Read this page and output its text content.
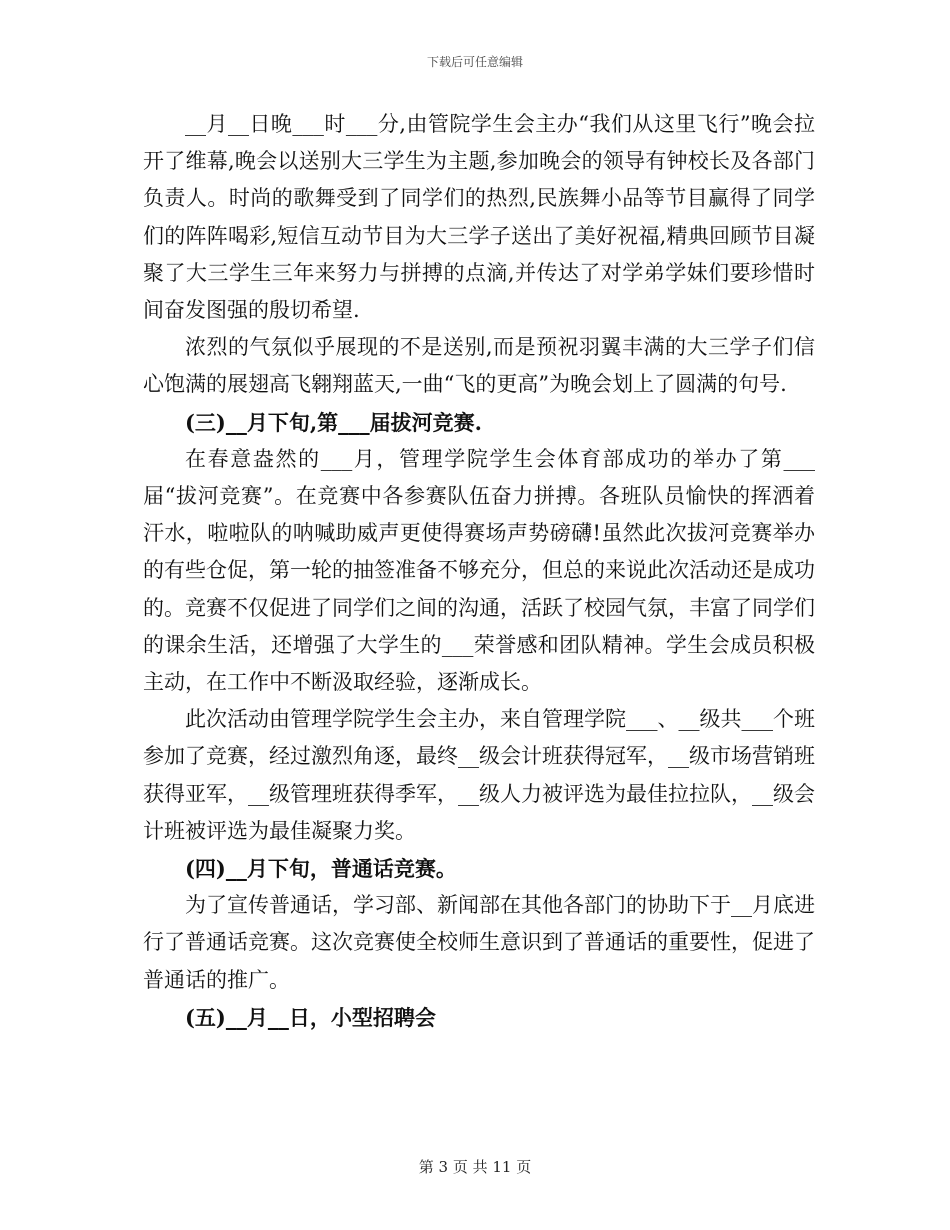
下载后可任意编辑

__月__日晚___时___分,由管院学生会主办“我们从这里飞行”晚会拉开了维幕,晚会以送别大三学生为主题,参加晚会的领导有钟校长及各部门负责人。时尚的歌舞受到了同学们的热烈,民族舞小品等节目赢得了同学们的阵阵喝彩,短信互动节目为大三学子送出了美好祝福,精典回顾节目凝聚了大三学生三年来努力与拼搏的点滴,并传达了对学弟学妹们要珍惜时间奋发图强的殷切希望.

浓烈的气氛似乎展现的不是送别,而是预祝羽翼丰满的大三学子们信心饱满的展翅高飞翱翔蓝天,一曲“飞的更高”为晚会划上了圆满的句号.

(三)__月下旬,第___届拔河竞赛.

在春意盎然的___月，管理学院学生会体育部成功的举办了第___届“拔河竞赛”。在竞赛中各参赛队伍奋力拼搏。各班队员愉快的挥洒着汗水，啦啦队的呐喊助威声更使得赛场声势磅礴!虽然此次拔河竞赛举办的有些仓促，第一轮的抽签准备不够充分，但总的来说此次活动还是成功的。竞赛不仅促进了同学们之间的沟通，活跃了校园气氛，丰富了同学们的课余生活，还增强了大学生的___荣誉感和团队精神。学生会成员积极主动，在工作中不断汲取经验，逐渐成长。

此次活动由管理学院学生会主办，来自管理学院___、__级共___个班参加了竞赛，经过激烈角逐，最终__级会计班获得冠军，__级市场营销班获得亚军，__级管理班获得季军，__级人力被评选为最佳拉拉队，__级会计班被评选为最佳凝聚力奖。

(四)__月下旬，普通话竞赛。

为了宣传普通话，学习部、新闻部在其他各部门的协助下于__月底进行了普通话竞赛。这次竞赛使全校师生意识到了普通话的重要性，促进了普通话的推广。

(五)__月__日，小型招聘会

第 3 页 共 11 页
